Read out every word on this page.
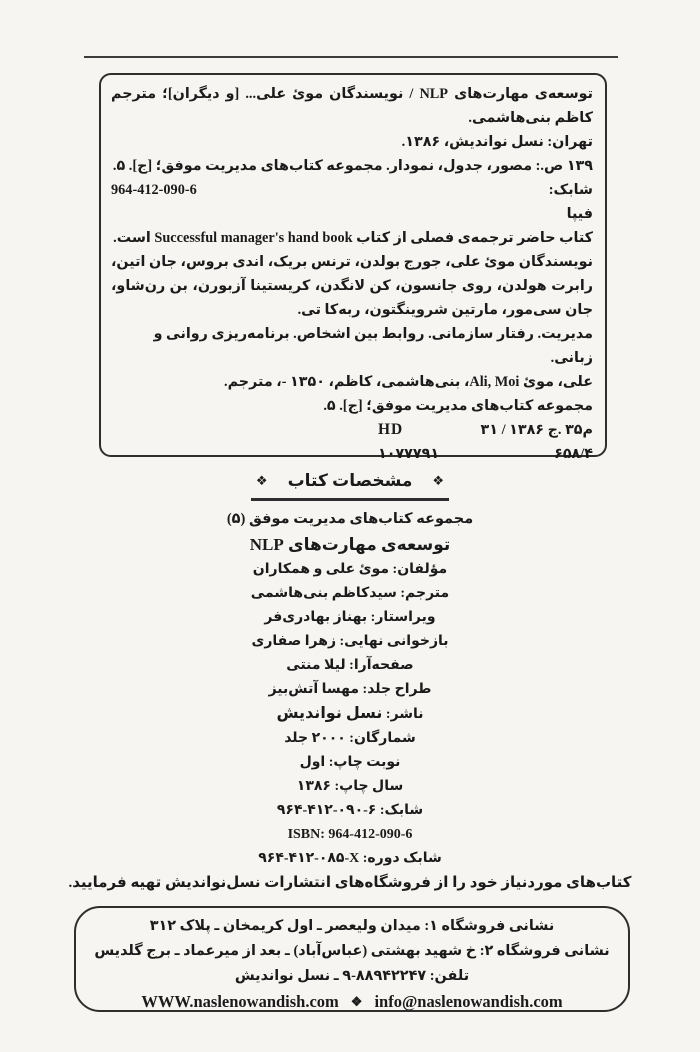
توسعه‌ی مهارت‌های NLP / نویسندگان موئ علی... [و دیگران]؛ مترجم کاظم بنی‌هاشمی.
تهران: نسل نواندیش، ۱۳۸۶.
۱۳۹ ص.: مصور، جدول، نمودار. مجموعه کتاب‌های مدیریت موفق؛ [ج]. ۵.
شابک:
964-412-090-6
فیپا
کتاب حاضر ترجمه‌ی فصلی از کتاب Successful manager's hand book است.
نویسندگان موئ علی، جورج بولدن، ترنس بریک، اندی بروس، جان اتین، رابرت هولدن، روی جانسون، کن لانگدن، کریستینا آزبورن، بن رن‌شاو، جان سی‌مور، مارتین شروینگتون، ربه‌کا تی.
مدیریت. رفتار سازمانی. روابط بین اشخاص. برنامه‌ریزی روانی و زبانی.
علی، موئ Ali, Moi، بنی‌هاشمی، کاظم، ۱۳۵۰ -، مترجم.
مجموعه کتاب‌های مدیریت موفق؛ [ج]. ۵.
HD	۳۱ / م۳۵ .ج ۱۳۸۶
۱۰۷۷۷۹۱	۶۵۸/۴
❖
مشخصات کتاب
❖
مجموعه کتاب‌های مدیریت موفق (۵)
توسعه‌ی مهارت‌های NLP
مؤلفان: موئ علی و همکاران
مترجم: سیدکاظم بنی‌هاشمی
ویراستار: بهناز بهادری‌فر
بازخوانی نهایی: زهرا صفاری
صفحه‌آرا: لیلا منتی
طراح جلد: مهسا آتش‌بیز
ناشر: نسل نواندیش
شمارگان: ۲۰۰۰ جلد
نوبت چاپ: اول
سال چاپ: ۱۳۸۶
شابک: ۹۶۴-۴۱۲-۰۹۰-۶
ISBN: 964-412-090-6
شابک دوره: ۹۶۴-۴۱۲-۰۸۵-X
کتاب‌های موردنیاز خود را از فروشگاه‌های انتشارات نسل‌نواندیش تهیه فرمایید.
نشانی فروشگاه ۱: میدان ولیعصر ـ اول کریمخان ـ پلاک ۳۱۲
نشانی فروشگاه ۲: خ شهید بهشتی (عباس‌آباد) ـ بعد از میرعماد ـ برج گلدیس
تلفن: ۸۸۹۴۲۲۴۷-۹ ـ نسل نواندیش
WWW.naslenowandish.com ❖ info@naslenowandish.com
